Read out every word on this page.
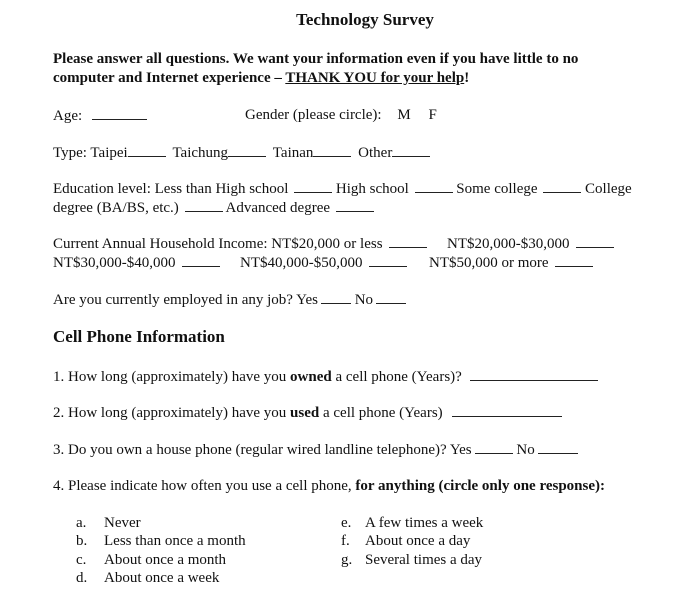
Technology Survey
Please answer all questions. We want your information even if you have little to no
computer and Internet experience – THANK YOU for your help!
Age:	Gender (please circle): M F
Type: Taipei	Taichung	Tainan	Other
Education level: Less than High school	High school	Some college	College
degree (BA/BS, etc.)	Advanced degree
Current Annual Household Income: NT$20,000 or less	NT$20,000-$30,000
NT$30,000-$40,000	NT$40,000-$50,000	NT$50,000 or more
Are you currently employed in any job? Yes No
Cell Phone Information
1. How long (approximately) have you owned a cell phone (Years)?
2. How long (approximately) have you used a cell phone (Years)
3. Do you own a house phone (regular wired landline telephone)? Yes	No
4. Please indicate how often you use a cell phone, for anything (circle only one response):
a. Never
b. Less than once a month
c. About once a month
d. About once a week
e. A few times a week
f. About once a day
g. Several times a day
